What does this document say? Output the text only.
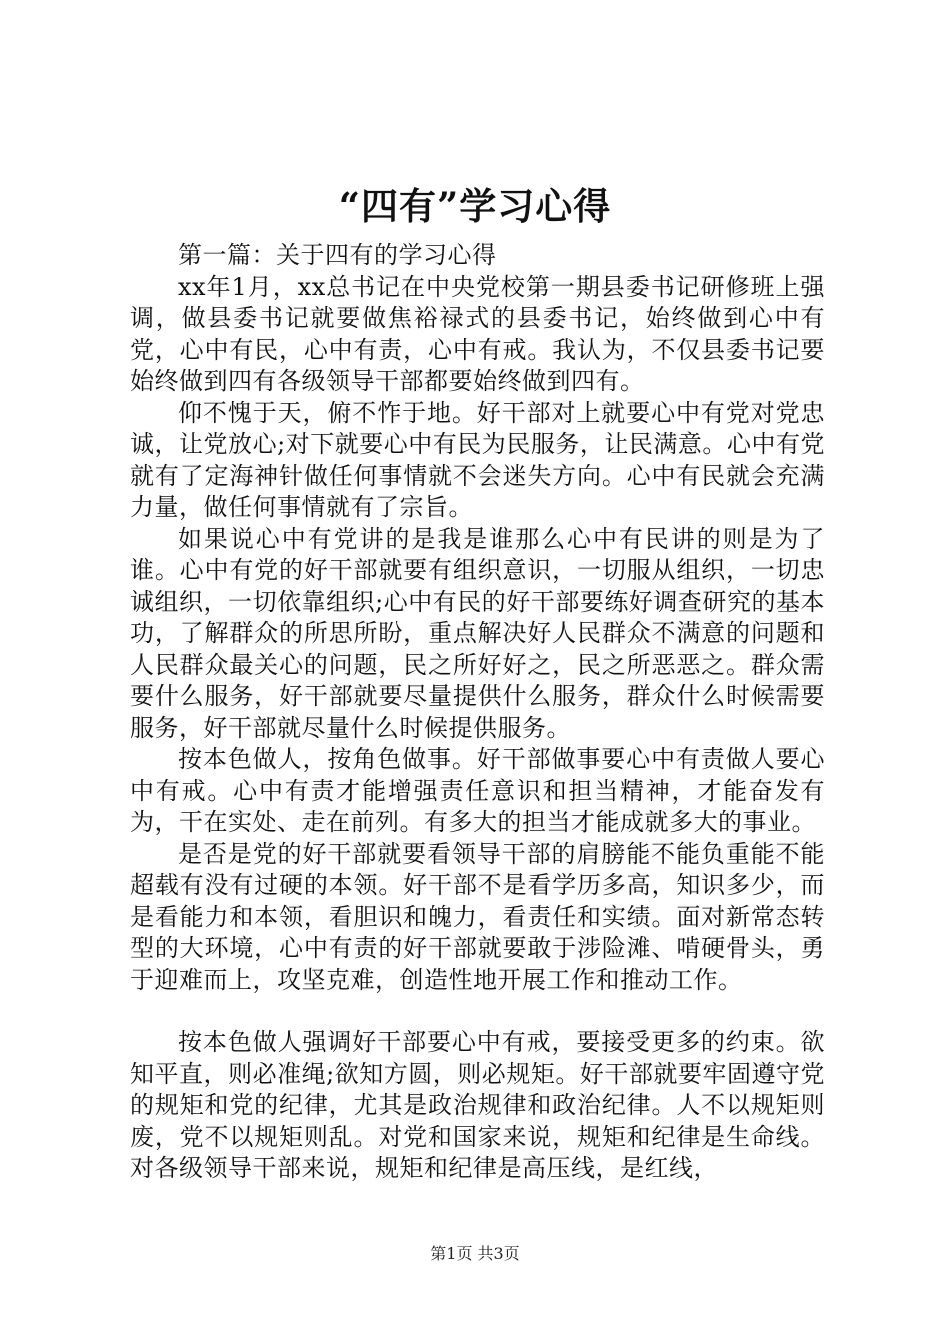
“四有”学习心得

第一篇：关于四有的学习心得

xx年1月，xx总书记在中央党校第一期县委书记研修班上强调，做县委书记就要做焦裕禄式的县委书记，始终做到心中有党，心中有民，心中有责，心中有戒。我认为，不仅县委书记要始终做到四有各级领导干部都要始终做到四有。

仰不愧于天，俯不怍于地。好干部对上就要心中有党对党忠诚，让党放心;对下就要心中有民为民服务，让民满意。心中有党就有了定海神针做任何事情就不会迷失方向。心中有民就会充满力量，做任何事情就有了宗旨。

如果说心中有党讲的是我是谁那么心中有民讲的则是为了谁。心中有党的好干部就要有组织意识，一切服从组织，一切忠诚组织，一切依靠组织;心中有民的好干部要练好调查研究的基本功，了解群众的所思所盼，重点解决好人民群众不满意的问题和人民群众最关心的问题，民之所好好之，民之所恶恶之。群众需要什么服务，好干部就要尽量提供什么服务，群众什么时候需要服务，好干部就尽量什么时候提供服务。

按本色做人，按角色做事。好干部做事要心中有责做人要心中有戒。心中有责才能增强责任意识和担当精神，才能奋发有为，干在实处、走在前列。有多大的担当才能成就多大的事业。

是否是党的好干部就要看领导干部的肩膀能不能负重能不能超载有没有过硬的本领。好干部不是看学历多高，知识多少，而是看能力和本领，看胆识和魄力，看责任和实绩。面对新常态转型的大环境，心中有责的好干部就要敢于涉险滩、啃硬骨头，勇于迎难而上，攻坚克难，创造性地开展工作和推动工作。

按本色做人强调好干部要心中有戒，要接受更多的约束。欲知平直，则必准绳;欲知方圆，则必规矩。好干部就要牢固遵守党的规矩和党的纪律，尤其是政治规律和政治纪律。人不以规矩则废，党不以规矩则乱。对党和国家来说，规矩和纪律是生命线。对各级领导干部来说，规矩和纪律是高压线，是红线，

第1页 共3页
